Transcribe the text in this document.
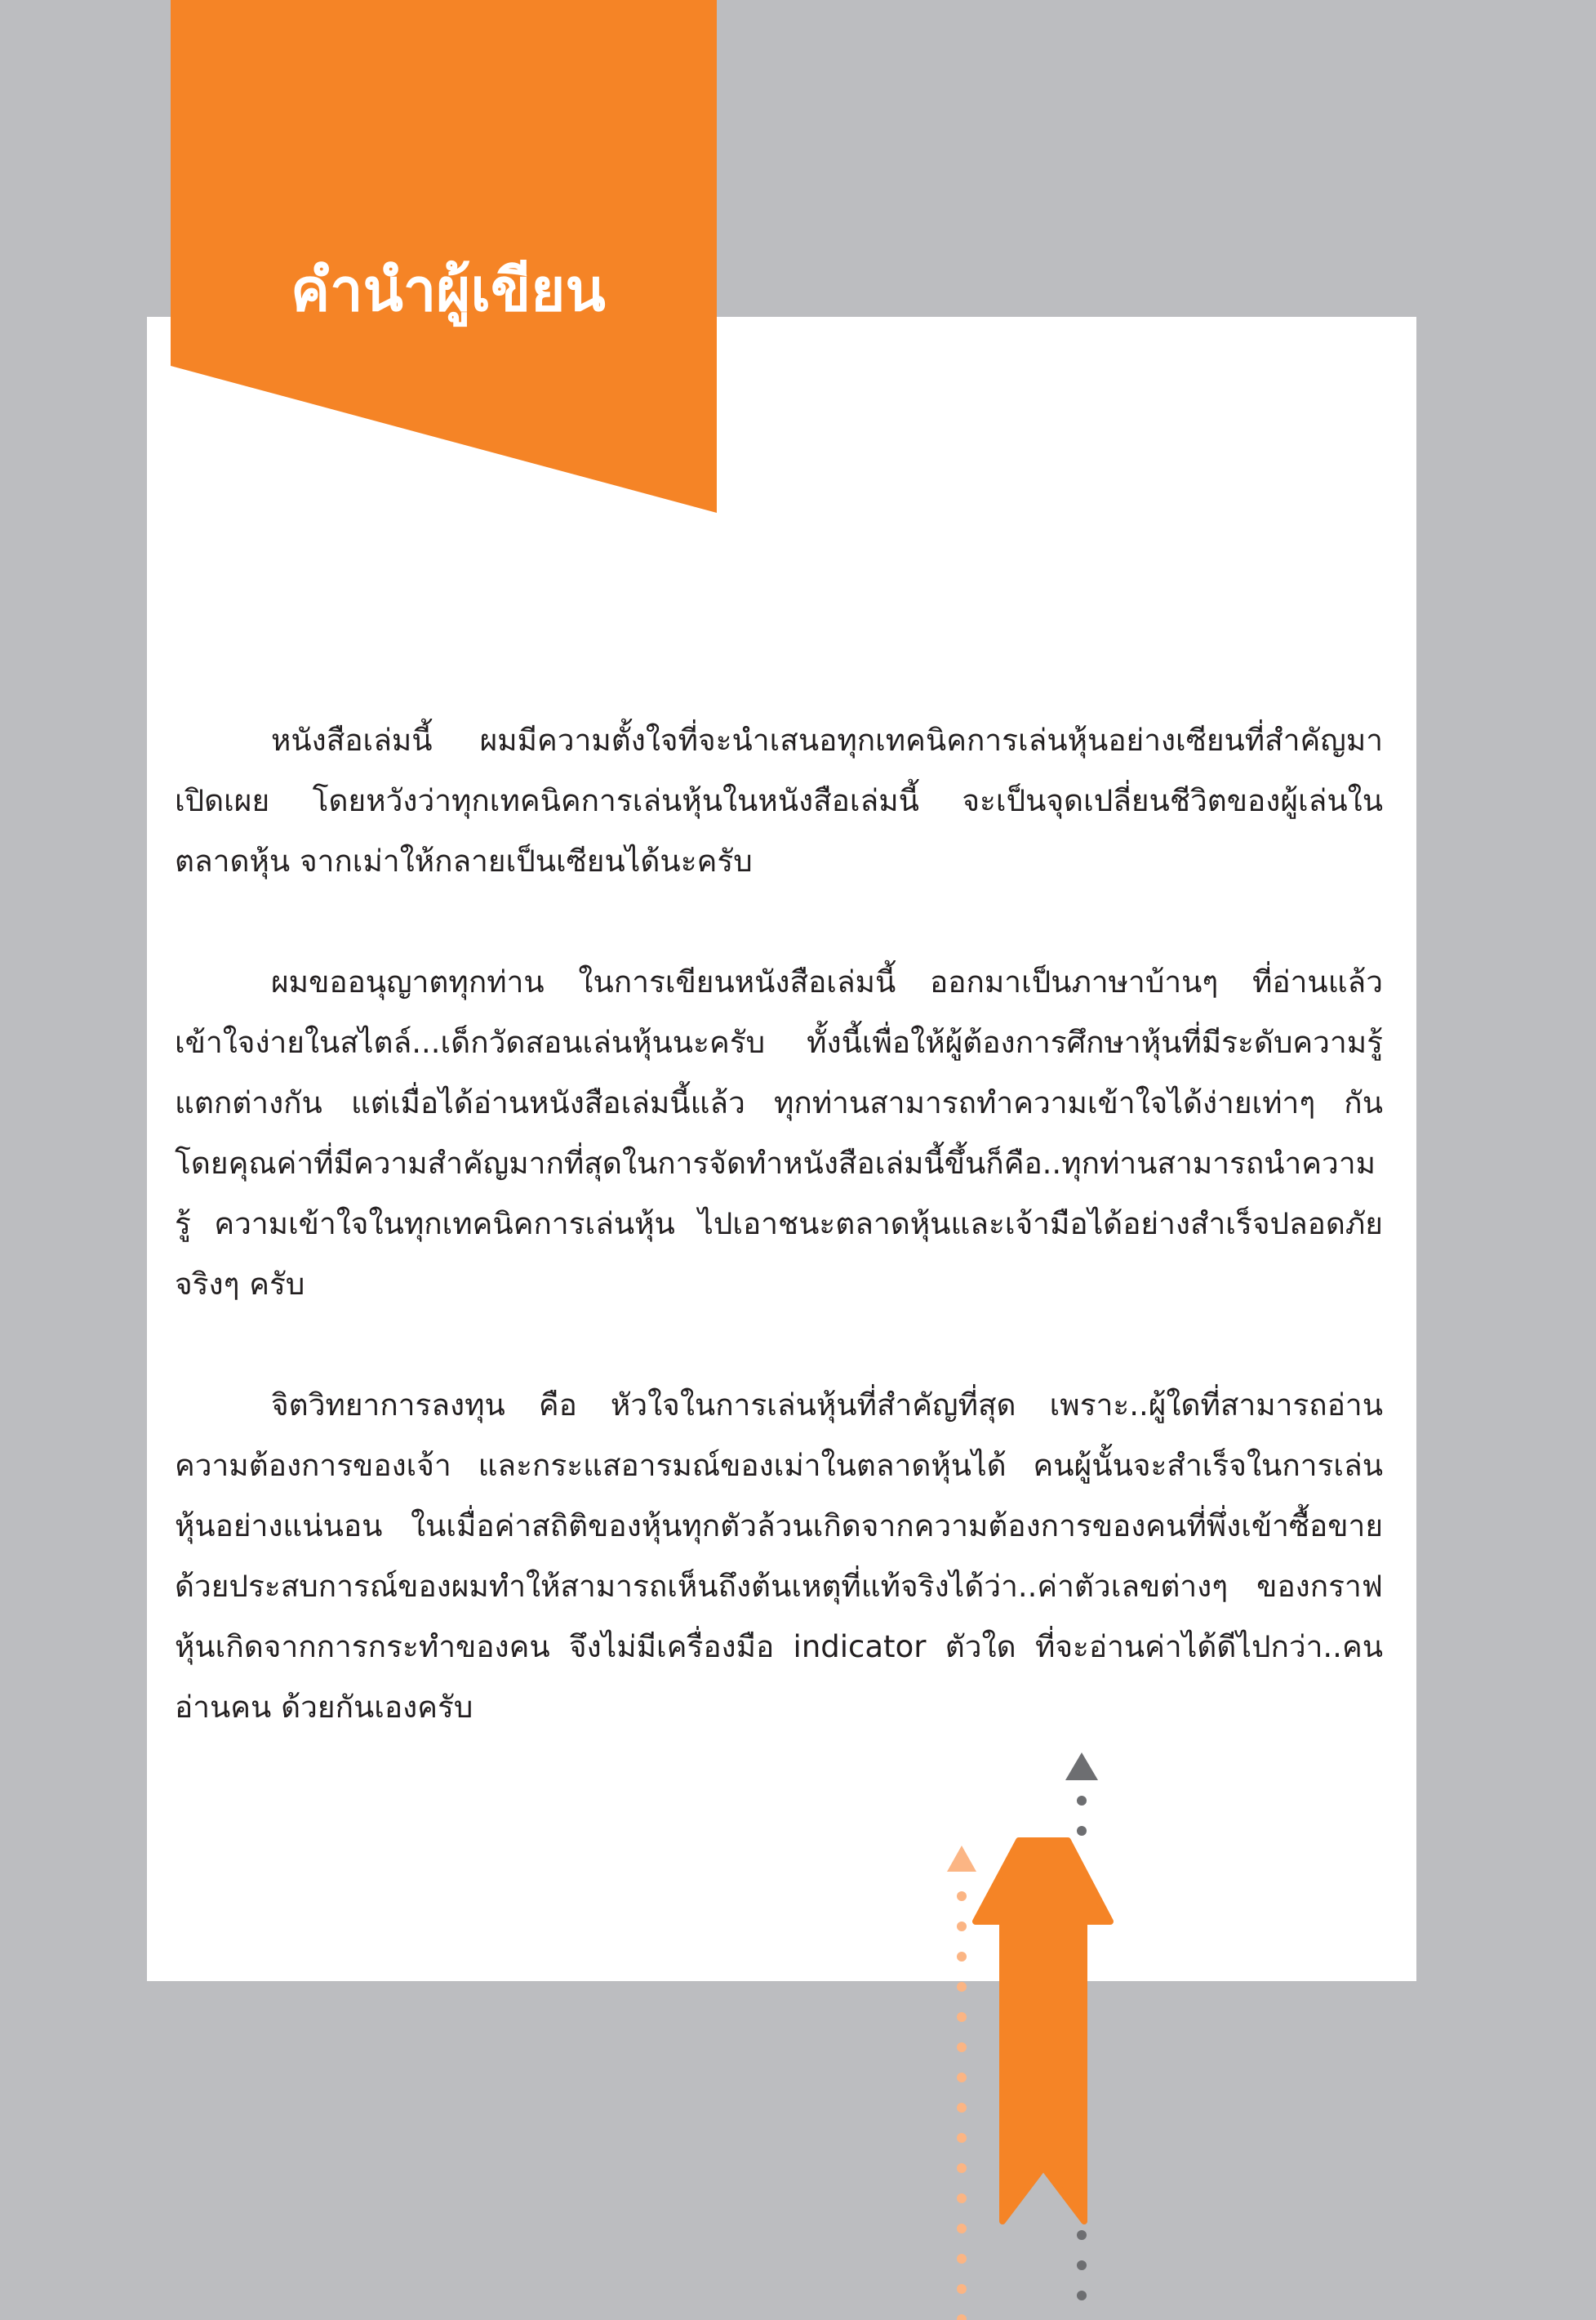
คำนำผู้เขียน

หนังสือเล่มนี้ ผมมีความตั้งใจที่จะนำเสนอทุกเทคนิคการเล่นหุ้นอย่างเซียนที่สำคัญมาเปิดเผย โดยหวังว่าทุกเทคนิคการเล่นหุ้นในหนังสือเล่มนี้ จะเป็นจุดเปลี่ยนชีวิตของผู้เล่นในตลาดหุ้น จากเม่าให้กลายเป็นเซียนได้นะครับ

ผมขออนุญาตทุกท่าน ในการเขียนหนังสือเล่มนี้ ออกมาเป็นภาษาบ้านๆ ที่อ่านแล้วเข้าใจง่ายในสไตล์...เด็กวัดสอนเล่นหุ้นนะครับ ทั้งนี้เพื่อให้ผู้ต้องการศึกษาหุ้นที่มีระดับความรู้แตกต่างกัน แต่เมื่อได้อ่านหนังสือเล่มนี้แล้ว ทุกท่านสามารถทำความเข้าใจได้ง่ายเท่าๆ กัน โดยคุณค่าที่มีความสำคัญมากที่สุดในการจัดทำหนังสือเล่มนี้ขึ้นก็คือ..ทุกท่านสามารถนำความรู้ ความเข้าใจในทุกเทคนิคการเล่นหุ้น ไปเอาชนะตลาดหุ้นและเจ้ามือได้อย่างสำเร็จปลอดภัยจริงๆ ครับ

จิตวิทยาการลงทุน คือ หัวใจในการเล่นหุ้นที่สำคัญที่สุด เพราะ..ผู้ใดที่สามารถอ่านความต้องการของเจ้า และกระแสอารมณ์ของเม่าในตลาดหุ้นได้ คนผู้นั้นจะสำเร็จในการเล่นหุ้นอย่างแน่นอน ในเมื่อค่าสถิติของหุ้นทุกตัวล้วนเกิดจากความต้องการของคนที่พึ่งเข้าซื้อขาย ด้วยประสบการณ์ของผมทำให้สามารถเห็นถึงต้นเหตุที่แท้จริงได้ว่า..ค่าตัวเลขต่างๆ ของกราฟหุ้นเกิดจากการกระทำของคน จึงไม่มีเครื่องมือ indicator ตัวใด ที่จะอ่านค่าได้ดีไปกว่า..คนอ่านคน ด้วยกันเองครับ
